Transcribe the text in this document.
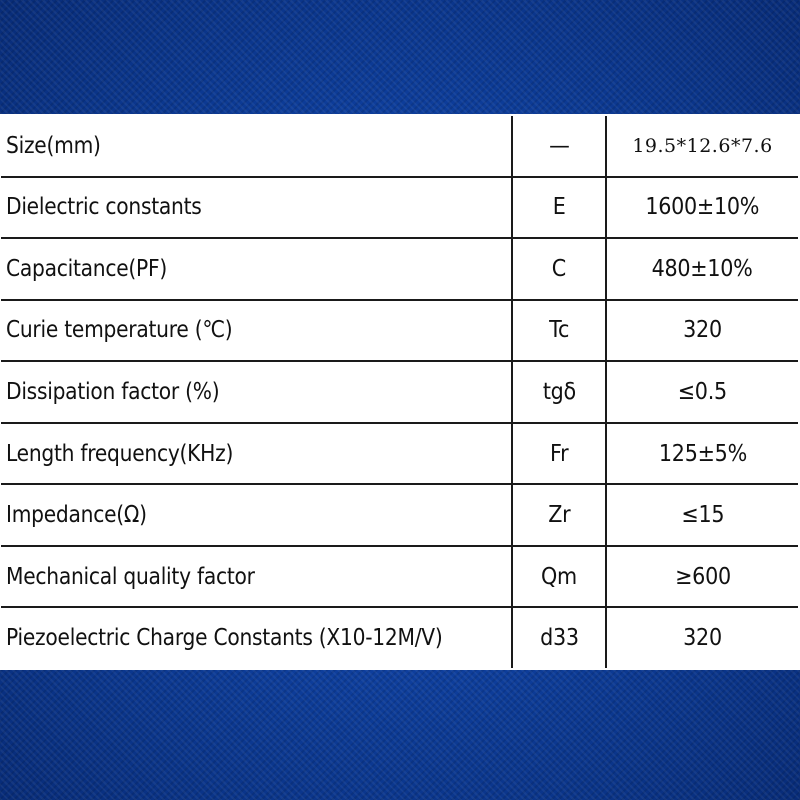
Size(mm)	—	19.5*12.6*7.6
Dielectric constants	E	1600±10%
Capacitance(PF)	C	480±10%
Curie temperature (℃)	Tc	320
Dissipation factor (%)	tgδ	≤0.5
Length frequency(KHz)	Fr	125±5%
Impedance(Ω)	Zr	≤15
Mechanical quality factor	Qm	≥600
Piezoelectric Charge Constants (X10-12M/V)	d33	320
